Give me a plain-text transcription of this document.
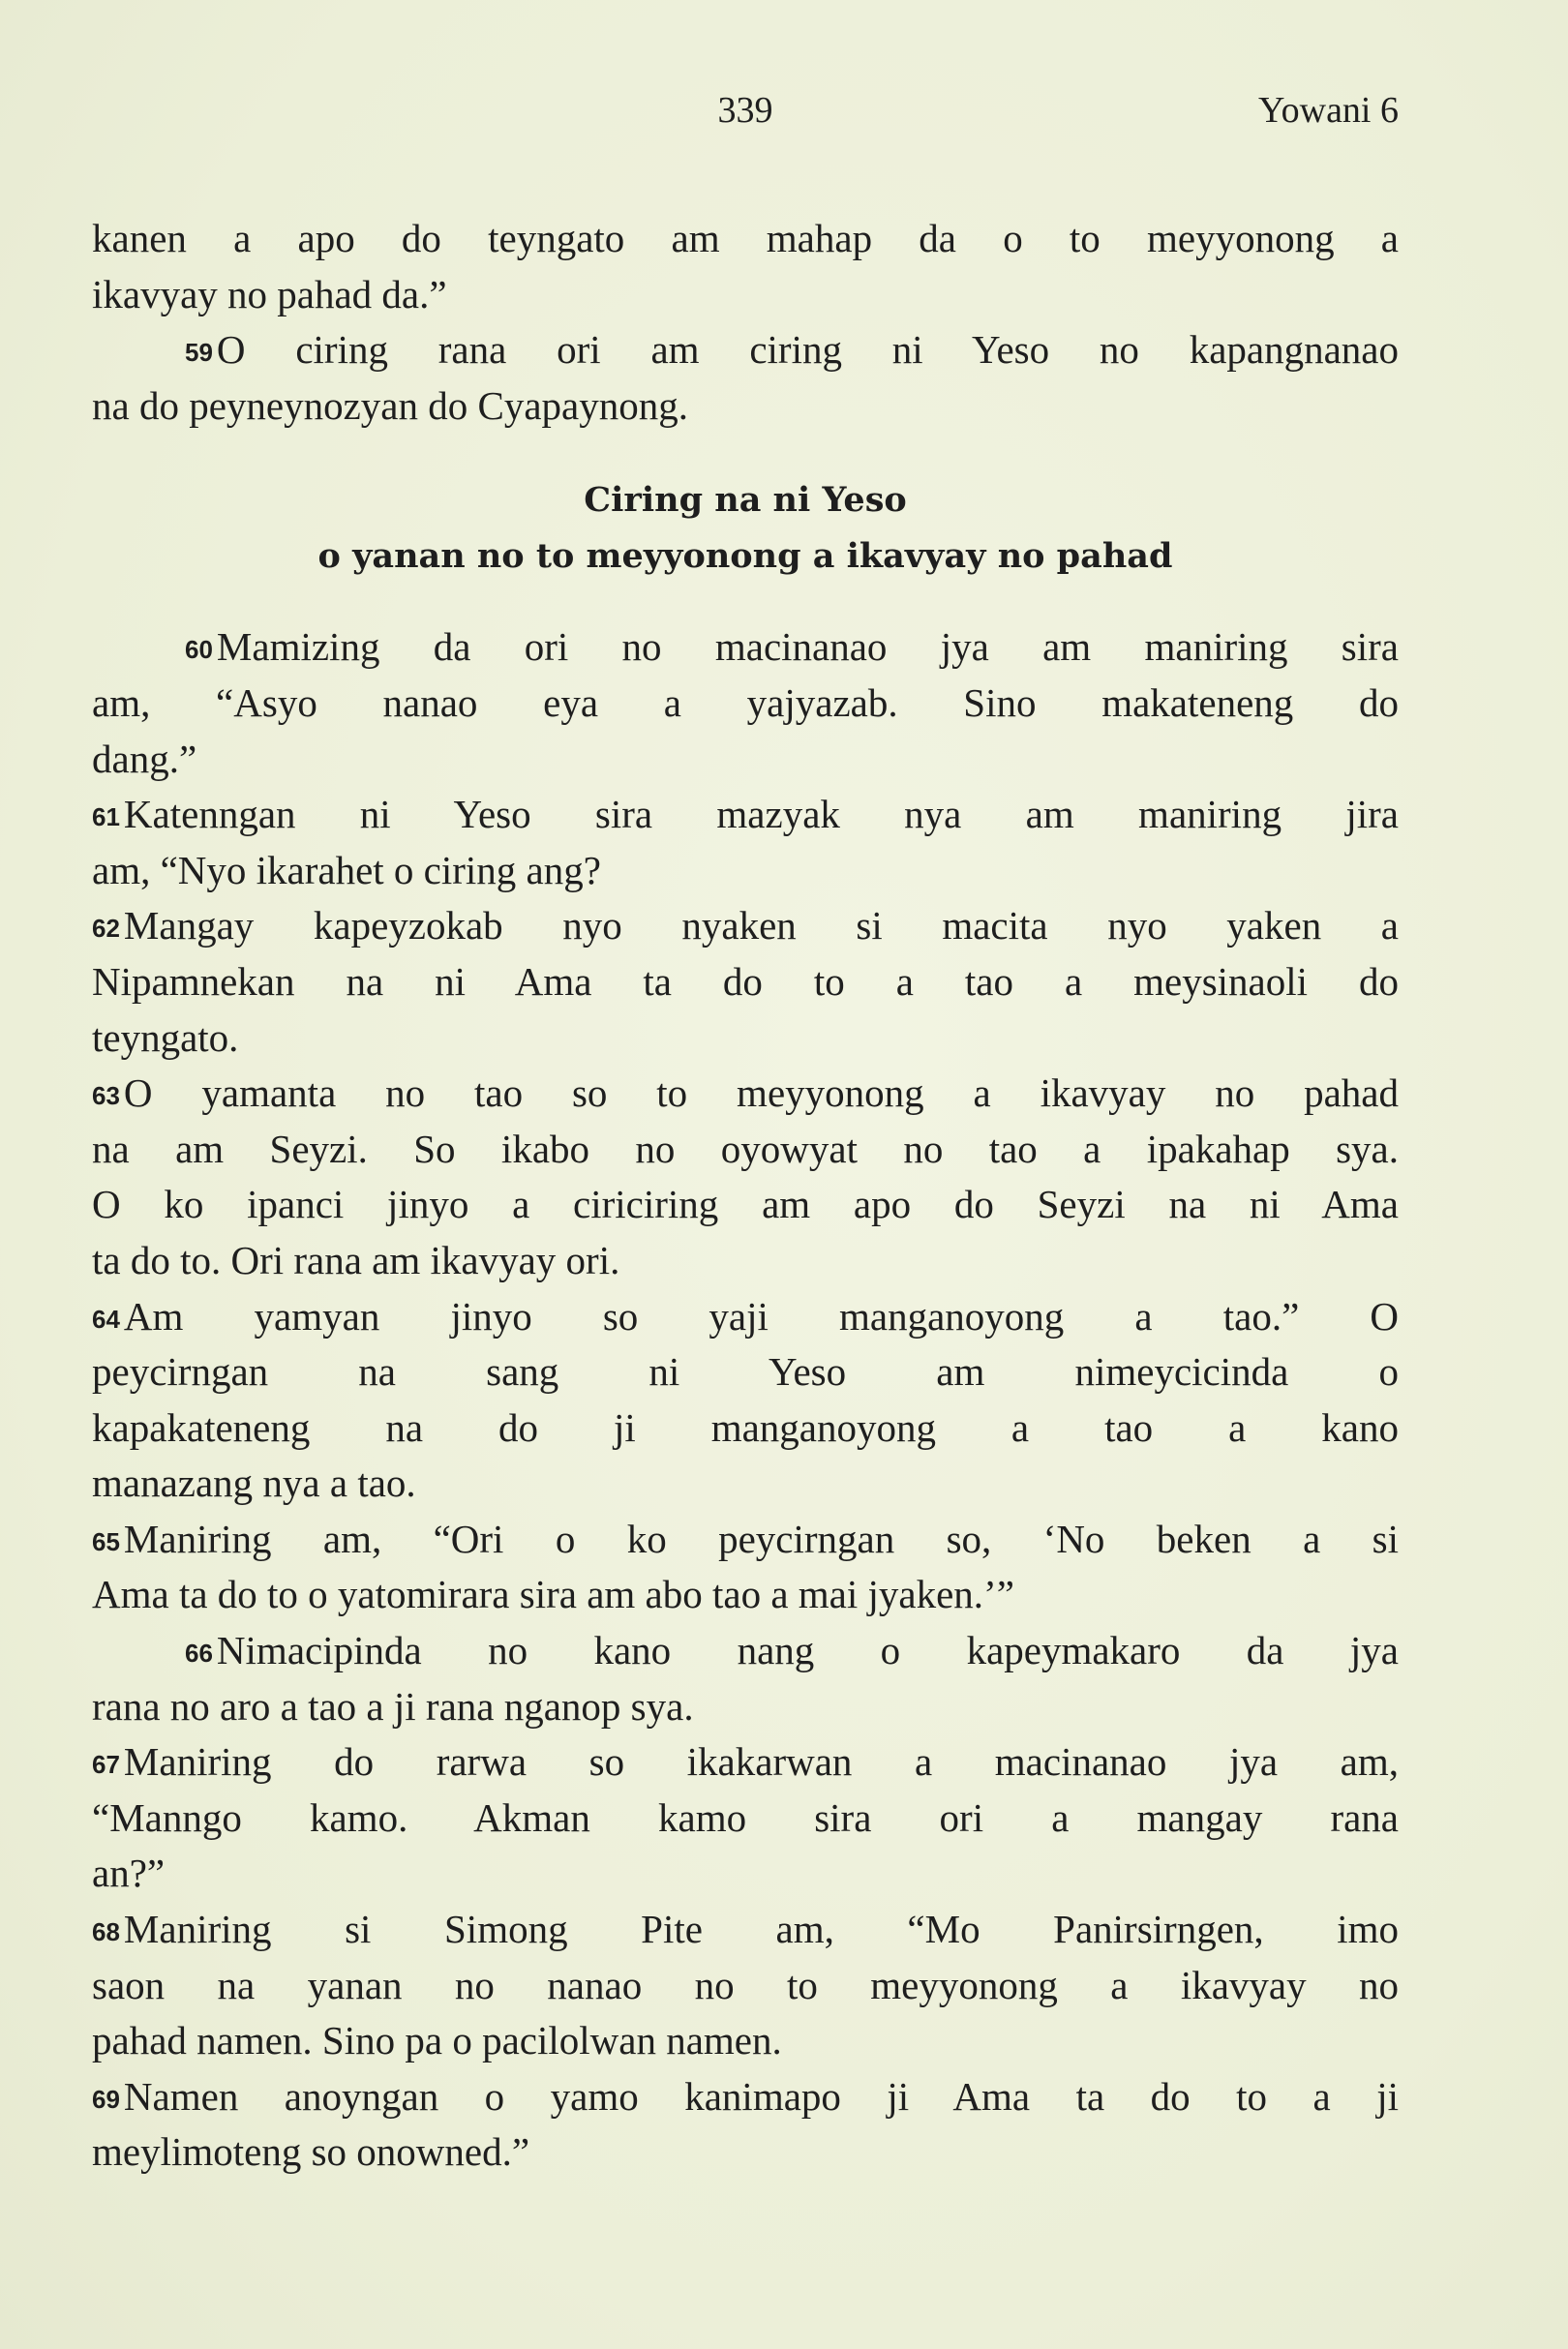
339	Yowani 6
kanen a apo do teyngato am mahap da o to meyyonong a
ikavyay no pahad da.”
59O ciring rana ori am ciring ni Yeso no kapangnanao
na do peyneynozyan do Cyapaynong.
Ciring na ni Yeso
o yanan no to meyyonong a ikavyay no pahad
60Mamizing da ori no macinanao jya am maniring sira
am, “Asyo nanao eya a yajyazab. Sino makateneng do
dang.”
61Katenngan ni Yeso sira mazyak nya am maniring jira
am, “Nyo ikarahet o ciring ang?
62Mangay kapeyzokab nyo nyaken si macita nyo yaken a
Nipamnekan na ni Ama ta do to a tao a meysinaoli do
teyngato.
63O yamanta no tao so to meyyonong a ikavyay no pahad
na am Seyzi. So ikabo no oyowyat no tao a ipakahap sya.
O ko ipanci jinyo a ciriciring am apo do Seyzi na ni Ama
ta do to. Ori rana am ikavyay ori.
64Am yamyan jinyo so yaji manganoyong a tao.” O
peycirngan na sang ni Yeso am nimeycicinda o
kapakateneng na do ji manganoyong a tao a kano
manazang nya a tao.
65Maniring am, “Ori o ko peycirngan so, ‘No beken a si
Ama ta do to o yatomirara sira am abo tao a mai jyaken.’”
66Nimacipinda no kano nang o kapeymakaro da jya
rana no aro a tao a ji rana nganop sya.
67Maniring do rarwa so ikakarwan a macinanao jya am,
“Manngo kamo. Akman kamo sira ori a mangay rana
an?”
68Maniring si Simong Pite am, “Mo Panirsirngen, imo
saon na yanan no nanao no to meyyonong a ikavyay no
pahad namen. Sino pa o pacilolwan namen.
69Namen anoyngan o yamo kanimapo ji Ama ta do to a ji
meylimoteng so onowned.”
